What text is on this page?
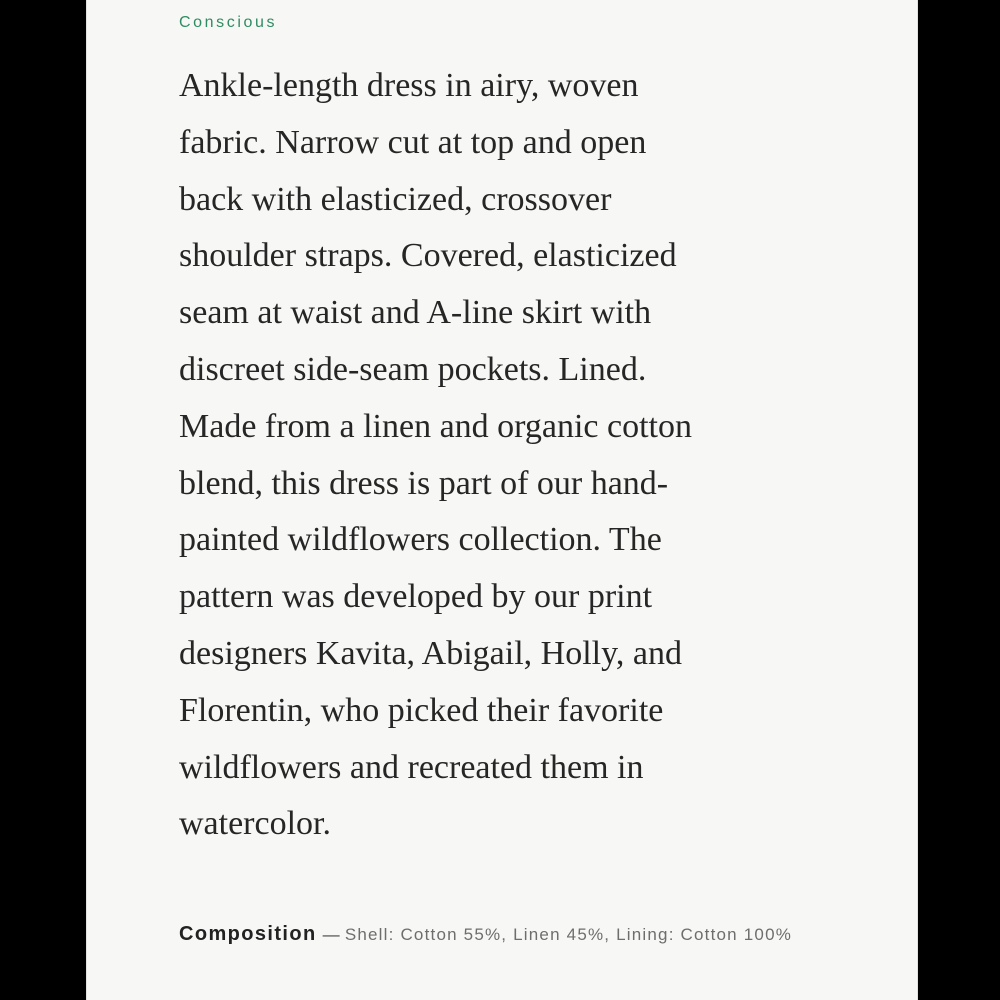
Conscious

Ankle-length dress in airy, woven
fabric. Narrow cut at top and open
back with elasticized, crossover
shoulder straps. Covered, elasticized
seam at waist and A-line skirt with
discreet side-seam pockets. Lined.
Made from a linen and organic cotton
blend, this dress is part of our hand-
painted wildflowers collection. The
pattern was developed by our print
designers Kavita, Abigail, Holly, and
Florentin, who picked their favorite
wildflowers and recreated them in
watercolor.

Composition — Shell: Cotton 55%, Linen 45%, Lining: Cotton 100%
